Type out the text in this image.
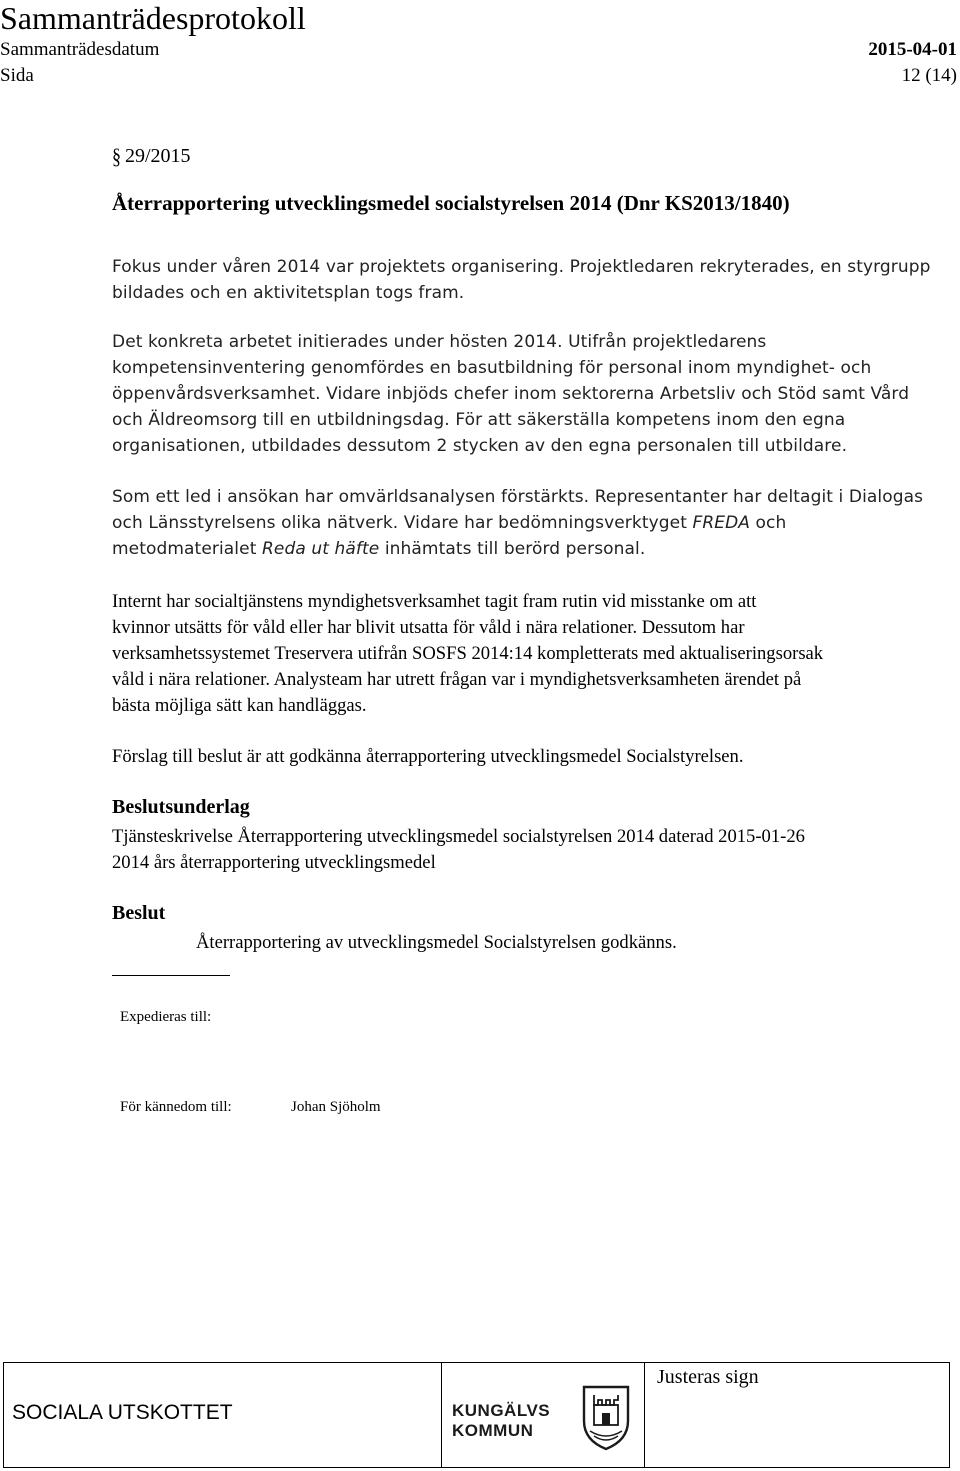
Sammanträdesprotokoll
Sammanträdesdatum	2015-04-01
Sida	12 (14)
§ 29/2015
Återrapportering utvecklingsmedel socialstyrelsen 2014 (Dnr KS2013/1840)
Fokus under våren 2014 var projektets organisering. Projektledaren rekryterades, en styrgrupp
bildades och en aktivitetsplan togs fram.
Det konkreta arbetet initierades under hösten 2014. Utifrån projektledarens
kompetensinventering genomfördes en basutbildning för personal inom myndighet- och
öppenvårdsverksamhet. Vidare inbjöds chefer inom sektorerna Arbetsliv och Stöd samt Vård
och Äldreomsorg till en utbildningsdag. För att säkerställa kompetens inom den egna
organisationen, utbildades dessutom 2 stycken av den egna personalen till utbildare.
Som ett led i ansökan har omvärldsanalysen förstärkts. Representanter har deltagit i Dialogas
och Länsstyrelsens olika nätverk. Vidare har bedömningsverktyget FREDA och
metodmaterialet Reda ut häfte inhämtats till berörd personal.
Internt har socialtjänstens myndighetsverksamhet tagit fram rutin vid misstanke om att
kvinnor utsätts för våld eller har blivit utsatta för våld i nära relationer. Dessutom har
verksamhetssystemet Treservera utifrån SOSFS 2014:14 kompletterats med aktualiseringsorsak
våld i nära relationer. Analysteam har utrett frågan var i myndighetsverksamheten ärendet på
bästa möjliga sätt kan handläggas.
Förslag till beslut är att godkänna återrapportering utvecklingsmedel Socialstyrelsen.
Beslutsunderlag
Tjänsteskrivelse Återrapportering utvecklingsmedel socialstyrelsen 2014 daterad 2015-01-26
2014 års återrapportering utvecklingsmedel
Beslut
Återrapportering av utvecklingsmedel Socialstyrelsen godkänns.
Expedieras till:
För kännedom till:	Johan Sjöholm
SOCIALA UTSKOTTET	KUNGÄLVS
KOMMUN
Justeras sign
